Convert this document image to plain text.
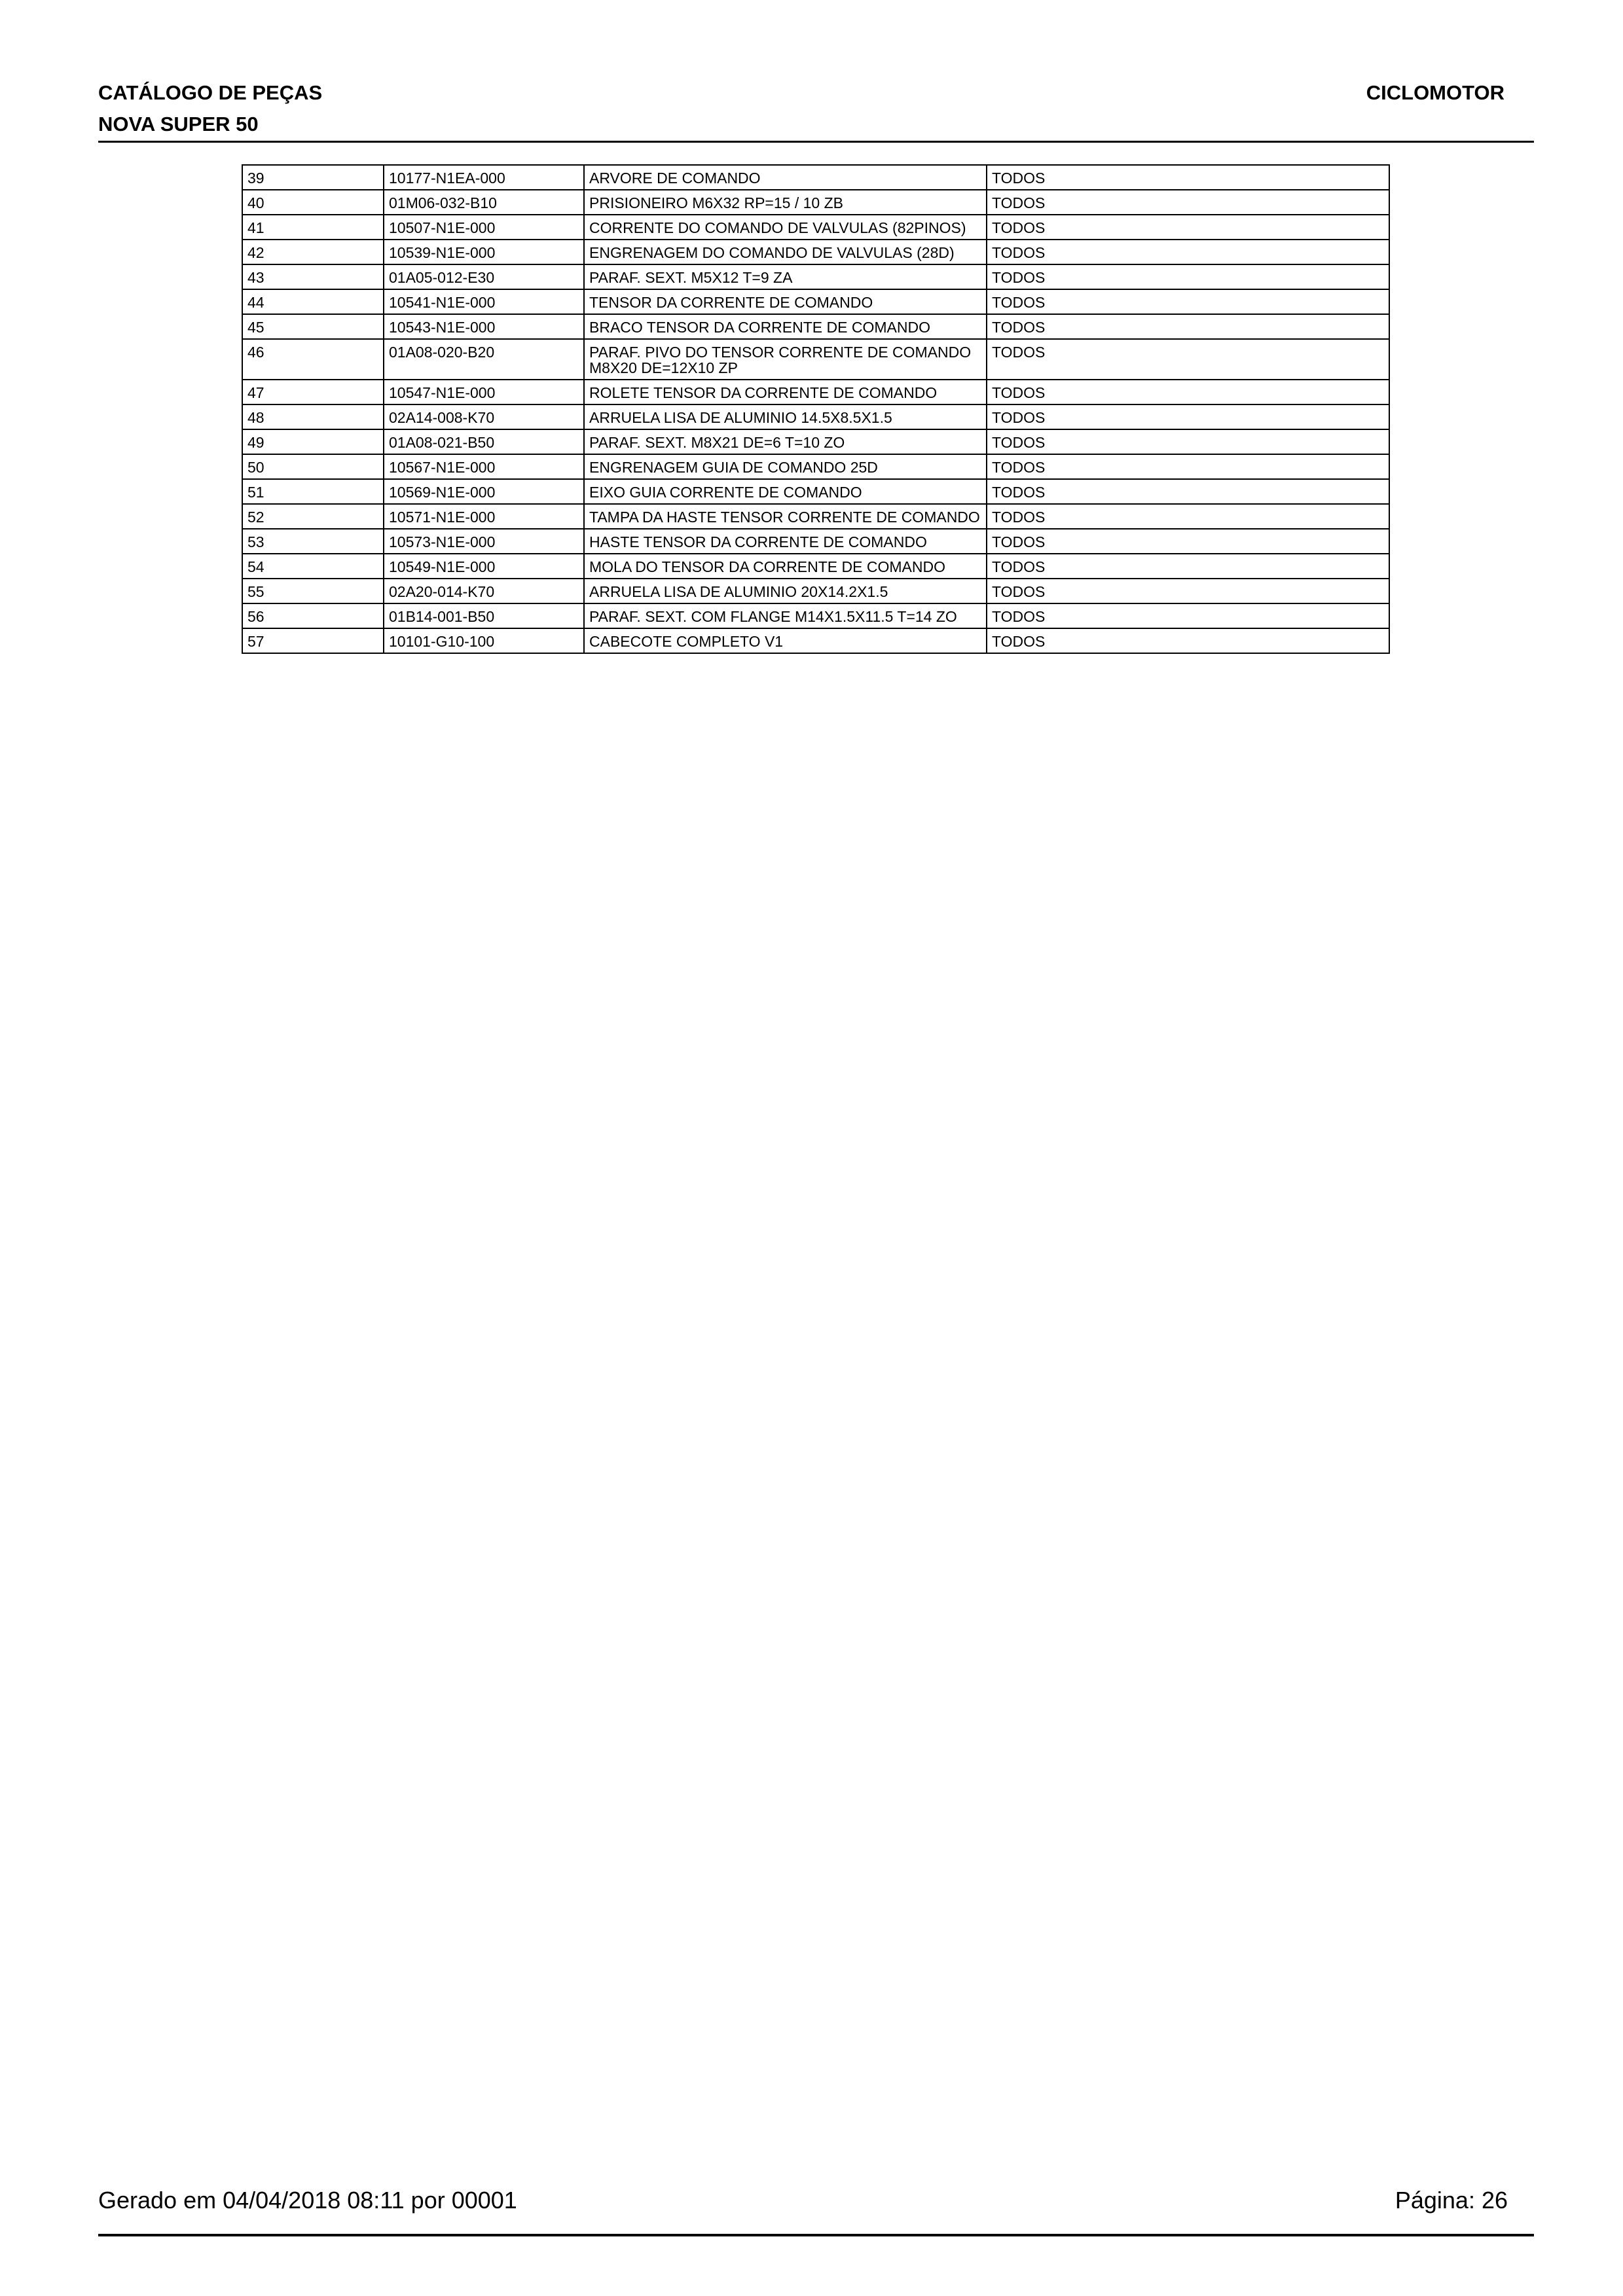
CATÁLOGO DE PEÇAS
NOVA SUPER 50
CICLOMOTOR
39	10177-N1EA-000	ARVORE DE COMANDO	TODOS
40	01M06-032-B10	PRISIONEIRO M6X32 RP=15 / 10 ZB	TODOS
41	10507-N1E-000	CORRENTE DO COMANDO DE VALVULAS (82PINOS)	TODOS
42	10539-N1E-000	ENGRENAGEM DO COMANDO DE VALVULAS (28D)	TODOS
43	01A05-012-E30	PARAF. SEXT. M5X12 T=9 ZA	TODOS
44	10541-N1E-000	TENSOR DA CORRENTE DE COMANDO	TODOS
45	10543-N1E-000	BRACO TENSOR DA CORRENTE DE COMANDO	TODOS
46	01A08-020-B20	PARAF. PIVO DO TENSOR CORRENTE DE COMANDO M8X20 DE=12X10 ZP	TODOS
47	10547-N1E-000	ROLETE TENSOR DA CORRENTE DE COMANDO	TODOS
48	02A14-008-K70	ARRUELA LISA DE ALUMINIO 14.5X8.5X1.5	TODOS
49	01A08-021-B50	PARAF. SEXT. M8X21 DE=6 T=10 ZO	TODOS
50	10567-N1E-000	ENGRENAGEM GUIA DE COMANDO 25D	TODOS
51	10569-N1E-000	EIXO GUIA CORRENTE DE COMANDO	TODOS
52	10571-N1E-000	TAMPA DA HASTE TENSOR CORRENTE DE COMANDO	TODOS
53	10573-N1E-000	HASTE TENSOR DA CORRENTE DE COMANDO	TODOS
54	10549-N1E-000	MOLA DO TENSOR DA CORRENTE DE COMANDO	TODOS
55	02A20-014-K70	ARRUELA LISA DE ALUMINIO 20X14.2X1.5	TODOS
56	01B14-001-B50	PARAF. SEXT. COM FLANGE M14X1.5X11.5 T=14 ZO	TODOS
57	10101-G10-100	CABECOTE COMPLETO V1	TODOS
Gerado em 04/04/2018 08:11 por 00001	Página: 26
